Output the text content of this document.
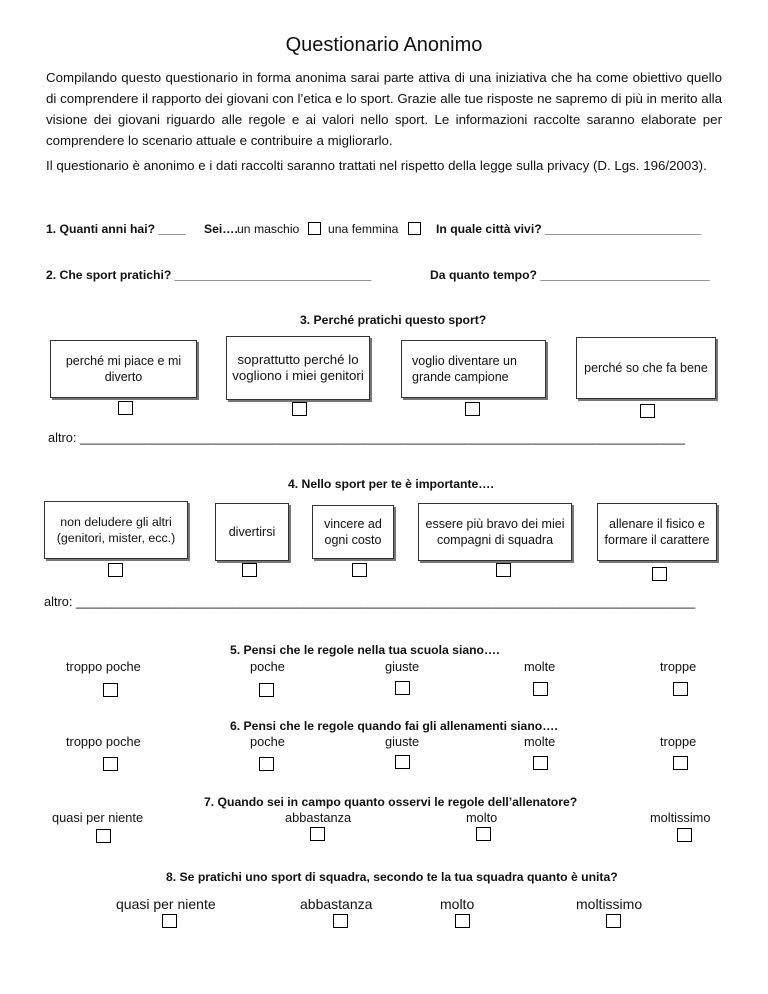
Questionario Anonimo
Compilando questo questionario in forma anonima sarai parte attiva di una iniziativa che ha come obiettivo quello di comprendere il rapporto dei giovani con l’etica e lo sport. Grazie alle tue risposte ne sapremo di più in merito alla visione dei giovani riguardo alle regole e ai valori nello sport. Le informazioni raccolte saranno elaborate per comprendere lo scenario attuale e contribuire a migliorarlo.
Il questionario è anonimo e i dati raccolti saranno trattati nel rispetto della legge sulla privacy (D. Lgs. 196/2003).
1. Quanti anni hai? ____ Sei…. un maschio una femmina	In quale città vivi? _______________________
2. Che sport pratichi? _____________________________	Da quanto tempo? _________________________
3. Perché pratichi questo sport?
perché mi piace e mi diverto
soprattutto perché lo vogliono i miei genitori
voglio diventare un grande campione
perché so che fa bene
altro: _____________________________________________________________________________________
4. Nello sport per te è importante….
non deludere gli altri (genitori, mister, ecc.)	divertirsi
vincere ad ogni costo
essere più bravo dei miei compagni di squadra
allenare il fisico e formare il carattere
altro: _______________________________________________________________________________________
5. Pensi che le regole nella tua scuola siano….
troppo poche	poche	giuste	molte	troppe
6. Pensi che le regole quando fai gli allenamenti siano….
troppo poche	poche	giuste	molte	troppe
7. Quando sei in campo quanto osservi le regole dell’allenatore?
quasi per niente	abbastanza	molto	moltissimo
8. Se pratichi uno sport di squadra, secondo te la tua squadra quanto è unita?
quasi per niente	abbastanza	molto	moltissimo
